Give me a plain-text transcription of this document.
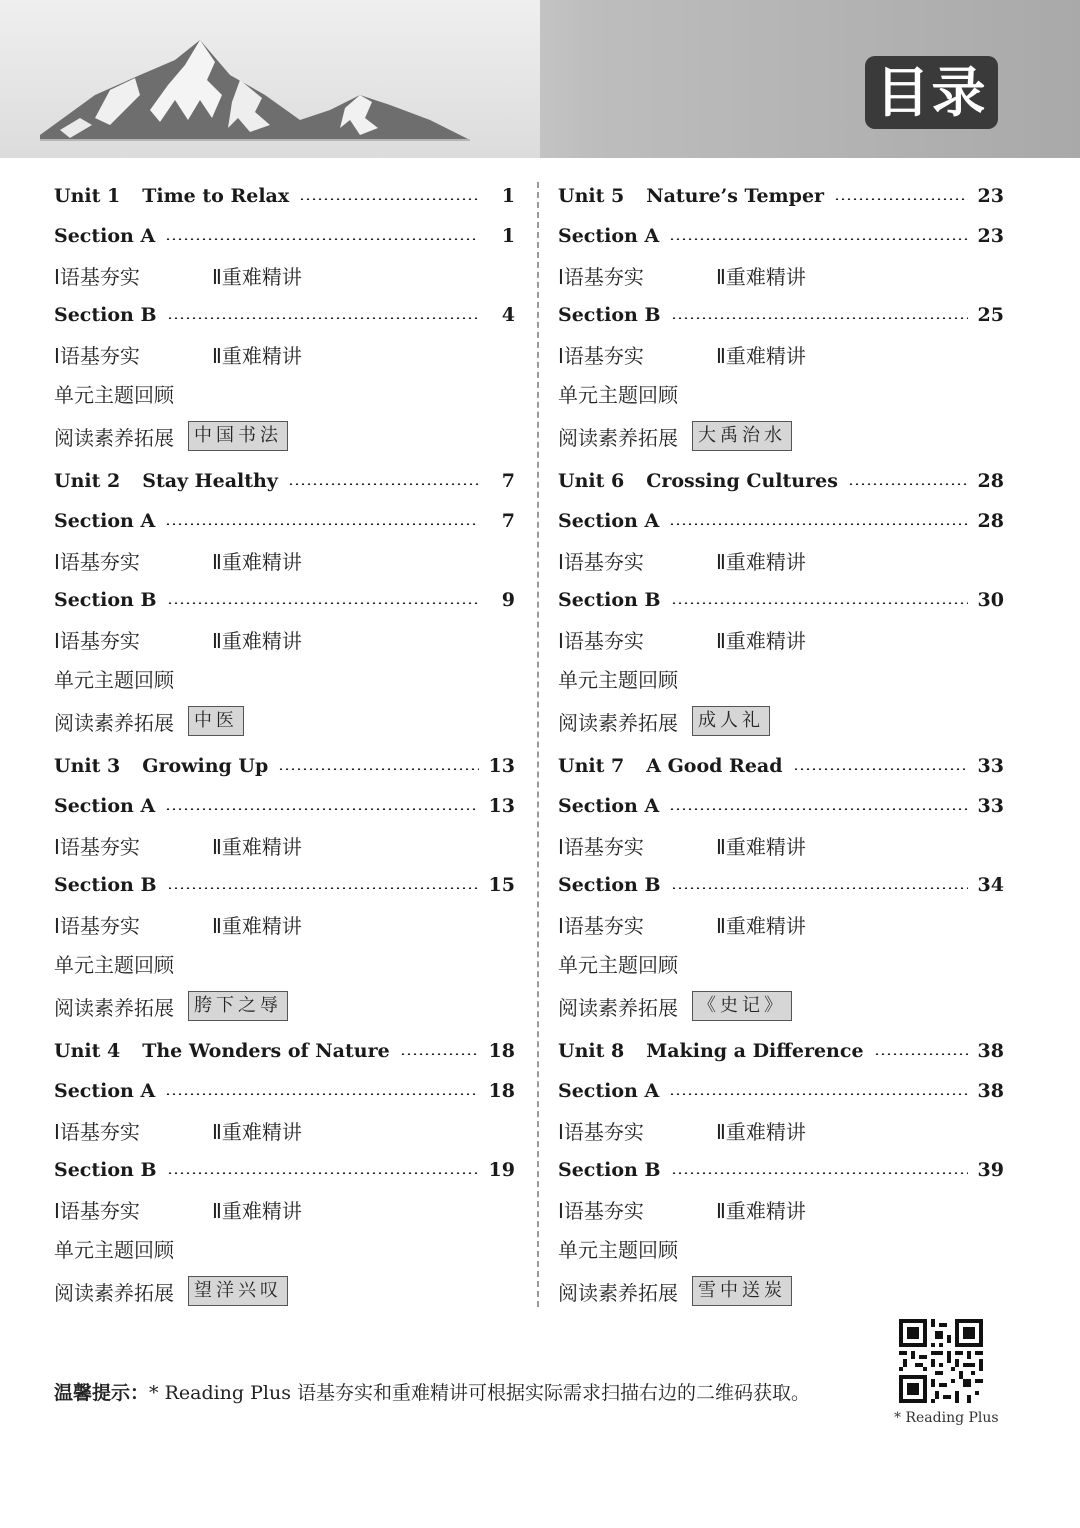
目录
Unit 1 Time to Relax	1
Section A	1
Ⅰ语基夯实	Ⅱ重难精讲
Section B	4
Ⅰ语基夯实	Ⅱ重难精讲
单元主题回顾
阅读素养拓展	中国书法
Unit 2 Stay Healthy	7
Section A	7
Ⅰ语基夯实	Ⅱ重难精讲
Section B	9
Ⅰ语基夯实	Ⅱ重难精讲
单元主题回顾
阅读素养拓展	中医
Unit 3 Growing Up	13
Section A	13
Ⅰ语基夯实	Ⅱ重难精讲
Section B	15
Ⅰ语基夯实	Ⅱ重难精讲
单元主题回顾
阅读素养拓展	胯下之辱
Unit 4 The Wonders of Nature	18
Section A	18
Ⅰ语基夯实	Ⅱ重难精讲
Section B	19
Ⅰ语基夯实	Ⅱ重难精讲
单元主题回顾
阅读素养拓展	望洋兴叹
Unit 5 Nature’s Temper	23
Section A	23
Ⅰ语基夯实	Ⅱ重难精讲
Section B	25
Ⅰ语基夯实	Ⅱ重难精讲
单元主题回顾
阅读素养拓展	大禹治水
Unit 6 Crossing Cultures	28
Section A	28
Ⅰ语基夯实	Ⅱ重难精讲
Section B	30
Ⅰ语基夯实	Ⅱ重难精讲
单元主题回顾
阅读素养拓展	成人礼
Unit 7 A Good Read	33
Section A	33
Ⅰ语基夯实	Ⅱ重难精讲
Section B	34
Ⅰ语基夯实	Ⅱ重难精讲
单元主题回顾
阅读素养拓展	《史记》
Unit 8 Making a Difference	38
Section A	38
Ⅰ语基夯实	Ⅱ重难精讲
Section B	39
Ⅰ语基夯实	Ⅱ重难精讲
单元主题回顾
阅读素养拓展	雪中送炭
温馨提示：* Reading Plus 语基夯实和重难精讲可根据实际需求扫描右边的二维码获取。
* Reading Plus
